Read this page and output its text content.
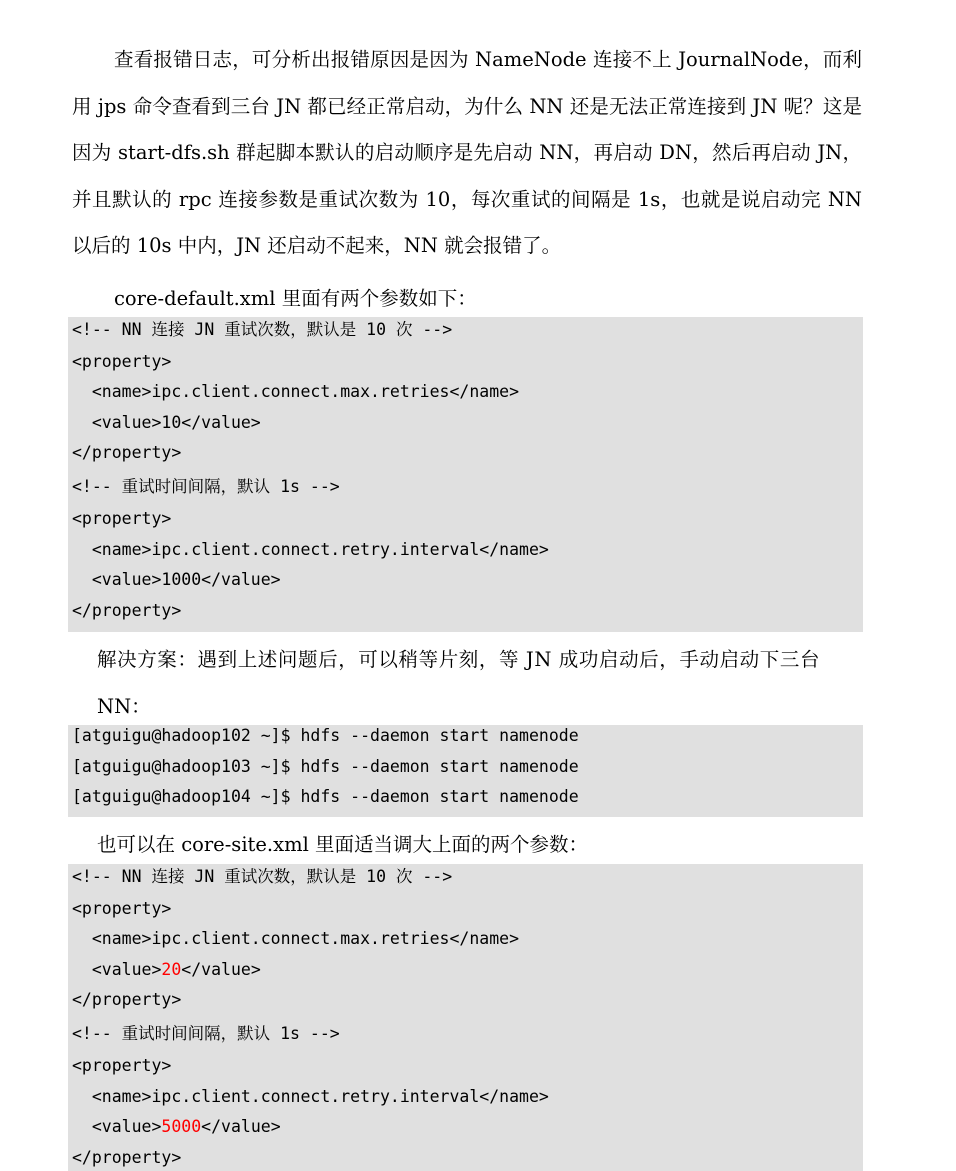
查看报错日志，可分析出报错原因是因为 NameNode 连接不上 JournalNode，而利用 jps 命令查看到三台 JN 都已经正常启动，为什么 NN 还是无法正常连接到 JN 呢？这是因为 start-dfs.sh 群起脚本默认的启动顺序是先启动 NN，再启动 DN，然后再启动 JN，并且默认的 rpc 连接参数是重试次数为 10，每次重试的间隔是 1s，也就是说启动完 NN 以后的 10s 中内，JN 还启动不起来，NN 就会报错了。

core-default.xml 里面有两个参数如下：

<!-- NN 连接 JN 重试次数，默认是 10 次 -->
<property>
<name>ipc.client.connect.max.retries</name>
<value>10</value>
</property>
<!-- 重试时间间隔，默认 1s -->
<property>
<name>ipc.client.connect.retry.interval</name>
<value>1000</value>
</property>

解决方案：遇到上述问题后，可以稍等片刻，等 JN 成功启动后，手动启动下三台

NN：

[atguigu@hadoop102 ~]$ hdfs --daemon start namenode
[atguigu@hadoop103 ~]$ hdfs --daemon start namenode
[atguigu@hadoop104 ~]$ hdfs --daemon start namenode

也可以在 core-site.xml 里面适当调大上面的两个参数：

<!-- NN 连接 JN 重试次数，默认是 10 次 -->
<property>
<name>ipc.client.connect.max.retries</name>
<value>20</value>
</property>
<!-- 重试时间间隔，默认 1s -->
<property>
<name>ipc.client.connect.retry.interval</name>
<value>5000</value>
</property>
